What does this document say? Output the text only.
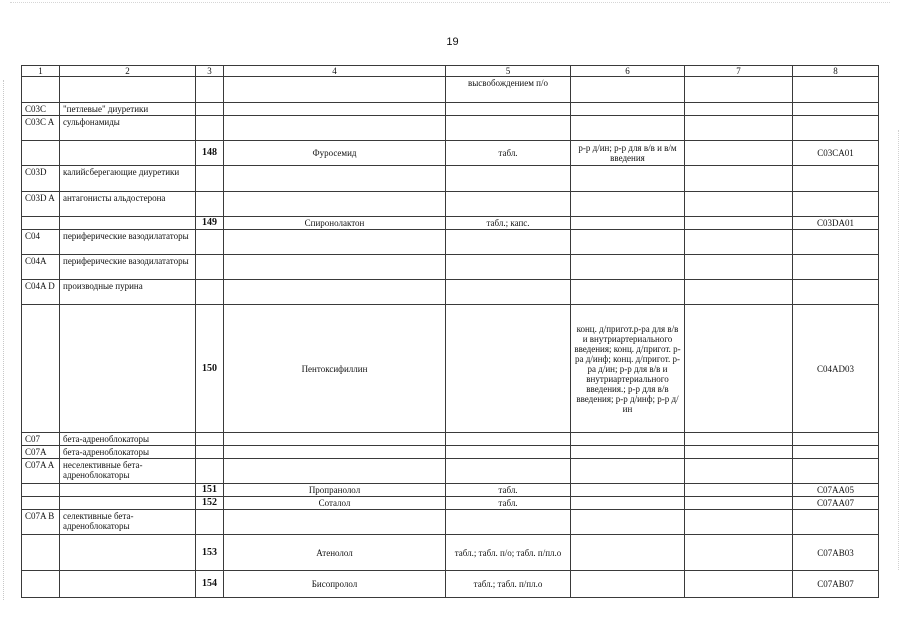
19
1	2	3	4	5	6	7	8
				высвобождением п/о			
C03C	"петлевые" диуретики						
C03C A	сульфонамиды						
		148	Фуросемид	табл.	р-р д/ин; р-р для в/в и в/м введения		C03CA01
C03D	калийсберегающие диуретики						
C03D A	антагонисты альдостерона						
		149	Спиронолактон	табл.; капс.			C03DA01
C04	периферические вазодилататоры						
C04A	периферические вазодилататоры						
C04A D	производные пурина						
		150	Пентоксифиллин		конц. д/пригот.р-ра для в/в и внутриартериального введения; конц. д/пригот. р-ра д/инф; конц. д/пригот. р-ра д/ин; р-р для в/в и внутриартериального введения.; р-р для в/в введения; р-р д/инф; р-р д/ин		C04AD03
C07	бета-адреноблокаторы						
C07A	бета-адреноблокаторы						
C07A A	неселективные бета-адреноблокаторы						
		151	Пропранолол	табл.			C07AA05
		152	Соталол	табл.			C07AA07
C07A B	селективные бета-адреноблокаторы						
		153	Атенолол	табл.; табл. п/о; табл. п/пл.о			C07AB03
		154	Бисопролол	табл.; табл. п/пл.о			C07AB07
